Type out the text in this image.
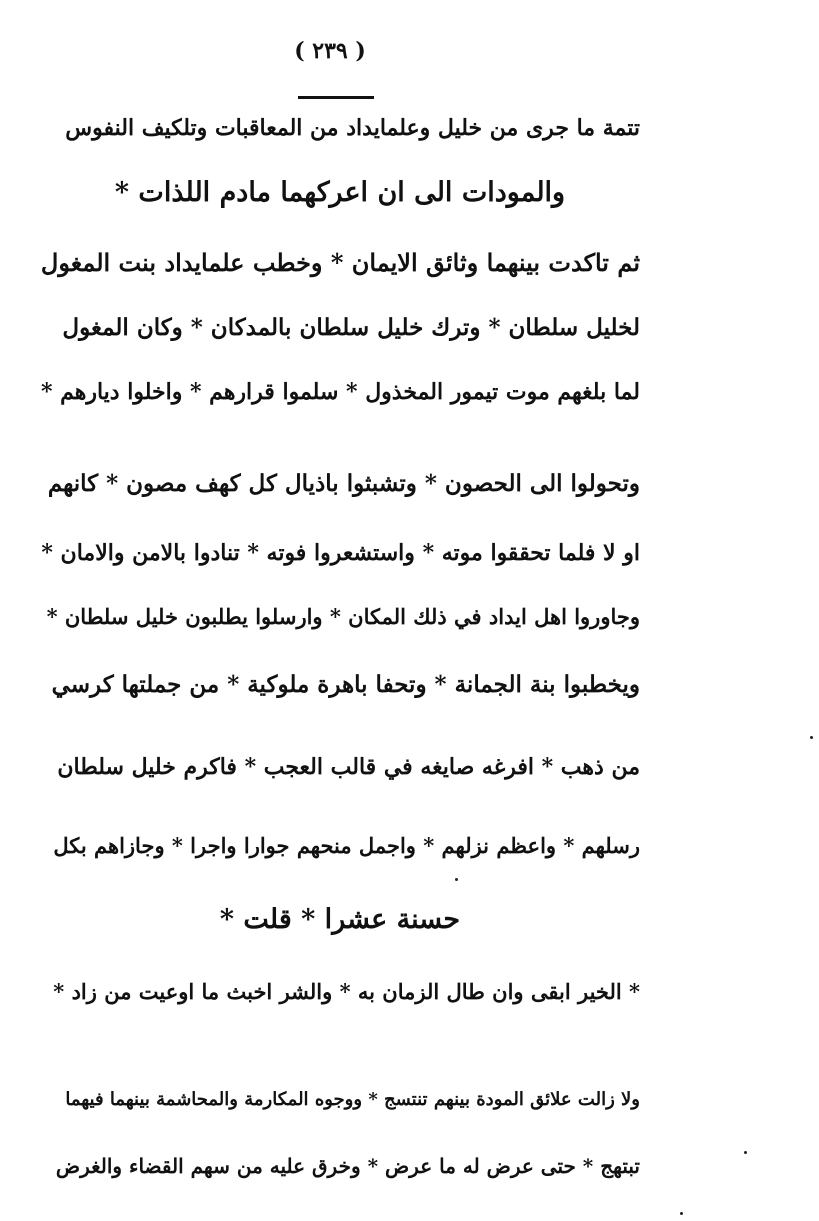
( ٢٣٩ )
تتمة ما جرى من خليل وعلمايداد من المعاقبات وتلكيف النفوس
والمودات الى ان اعركهما مادم اللذات *
ثم تاكدت بينهما وثائق الايمان * وخطب علمايداد بنت المغول
لخليل سلطان * وترك خليل سلطان بالمدكان * وكان المغول
لما بلغهم موت تيمور المخذول * سلموا قرارهم * واخلوا ديارهم *
وتحولوا الى الحصون * وتشبثوا باذيال كل كهف مصون * كانهم
او لا فلما تحققوا موته * واستشعروا فوته * تنادوا بالامن والامان *
وجاوروا اهل ايداد في ذلك المكان * وارسلوا يطلبون خليل سلطان *
ويخطبوا بنة الجمانة * وتحفا باهرة ملوكية * من جملتها كرسي
من ذهب * افرغه صايغه في قالب العجب * فاكرم خليل سلطان
رسلهم * واعظم نزلهم * واجمل منحهم جوارا واجرا * وجازاهم بكل
حسنة عشرا * قلت *
* الخير ابقى وان طال الزمان به * والشر اخبث ما اوعيت من زاد *
ولا زالت علائق المودة بينهم تنتسج * ووجوه المكارمة والمحاشمة بينهما فيهما
تبتهج * حتى عرض له ما عرض * وخرق عليه من سهم القضاء والغرض
